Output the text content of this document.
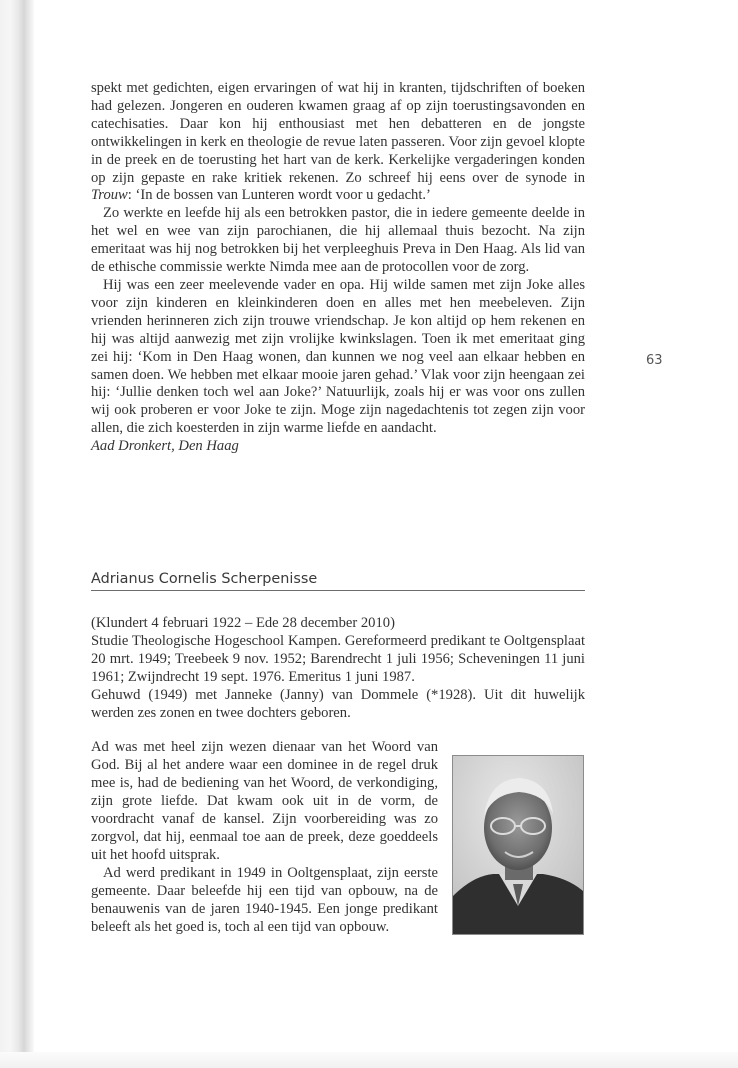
spekt met gedichten, eigen ervaringen of wat hij in kranten, tijdschriften of boeken had gelezen. Jongeren en ouderen kwamen graag af op zijn toerustingsavonden en catechisaties. Daar kon hij enthousiast met hen debatteren en de jongste ontwikkelingen in kerk en theologie de revue laten passeren. Voor zijn gevoel klopte in de preek en de toerusting het hart van de kerk. Kerkelijke vergaderingen konden op zijn gepaste en rake kritiek rekenen. Zo schreef hij eens over de synode in Trouw: ‘In de bossen van Lunteren wordt voor u gedacht.’

Zo werkte en leefde hij als een betrokken pastor, die in iedere gemeente deelde in het wel en wee van zijn parochianen, die hij allemaal thuis bezocht. Na zijn emeritaat was hij nog betrokken bij het verpleeghuis Preva in Den Haag. Als lid van de ethische commissie werkte Nimda mee aan de protocollen voor de zorg.

Hij was een zeer meelevende vader en opa. Hij wilde samen met zijn Joke alles voor zijn kinderen en kleinkinderen doen en alles met hen meebeleven. Zijn vrienden herinneren zich zijn trouwe vriendschap. Je kon altijd op hem rekenen en hij was altijd aanwezig met zijn vrolijke kwinkslagen. Toen ik met emeritaat ging zei hij: ‘Kom in Den Haag wonen, dan kunnen we nog veel aan elkaar hebben en samen doen. We hebben met elkaar mooie jaren gehad.’ Vlak voor zijn heengaan zei hij: ‘Jullie denken toch wel aan Joke?’ Natuurlijk, zoals hij er was voor ons zullen wij ook proberen er voor Joke te zijn. Moge zijn nagedachtenis tot zegen zijn voor allen, die zich koesterden in zijn warme liefde en aandacht.

Aad Dronkert, Den Haag

63
Adrianus Cornelis Scherpenisse

(Klundert 4 februari 1922 – Ede 28 december 2010)

Studie Theologische Hogeschool Kampen. Gereformeerd predikant te Ooltgensplaat 20 mrt. 1949; Treebeek 9 nov. 1952; Barendrecht 1 juli 1956; Scheveningen 11 juni 1961; Zwijndrecht 19 sept. 1976. Emeritus 1 juni 1987.

Gehuwd (1949) met Janneke (Janny) van Dommele (*1928). Uit dit huwelijk werden zes zonen en twee dochters geboren.

Ad was met heel zijn wezen dienaar van het Woord van God. Bij al het andere waar een dominee in de regel druk mee is, had de bediening van het Woord, de verkondiging, zijn grote liefde. Dat kwam ook uit in de vorm, de voordracht vanaf de kansel. Zijn voorbereiding was zo zorgvol, dat hij, eenmaal toe aan de preek, deze goeddeels uit het hoofd uitsprak.

Ad werd predikant in 1949 in Ooltgensplaat, zijn eerste gemeente. Daar beleefde hij een tijd van opbouw, na de benauwenis van de jaren 1940-1945. Een jonge predikant beleeft als het goed is, toch al een tijd van opbouw.
